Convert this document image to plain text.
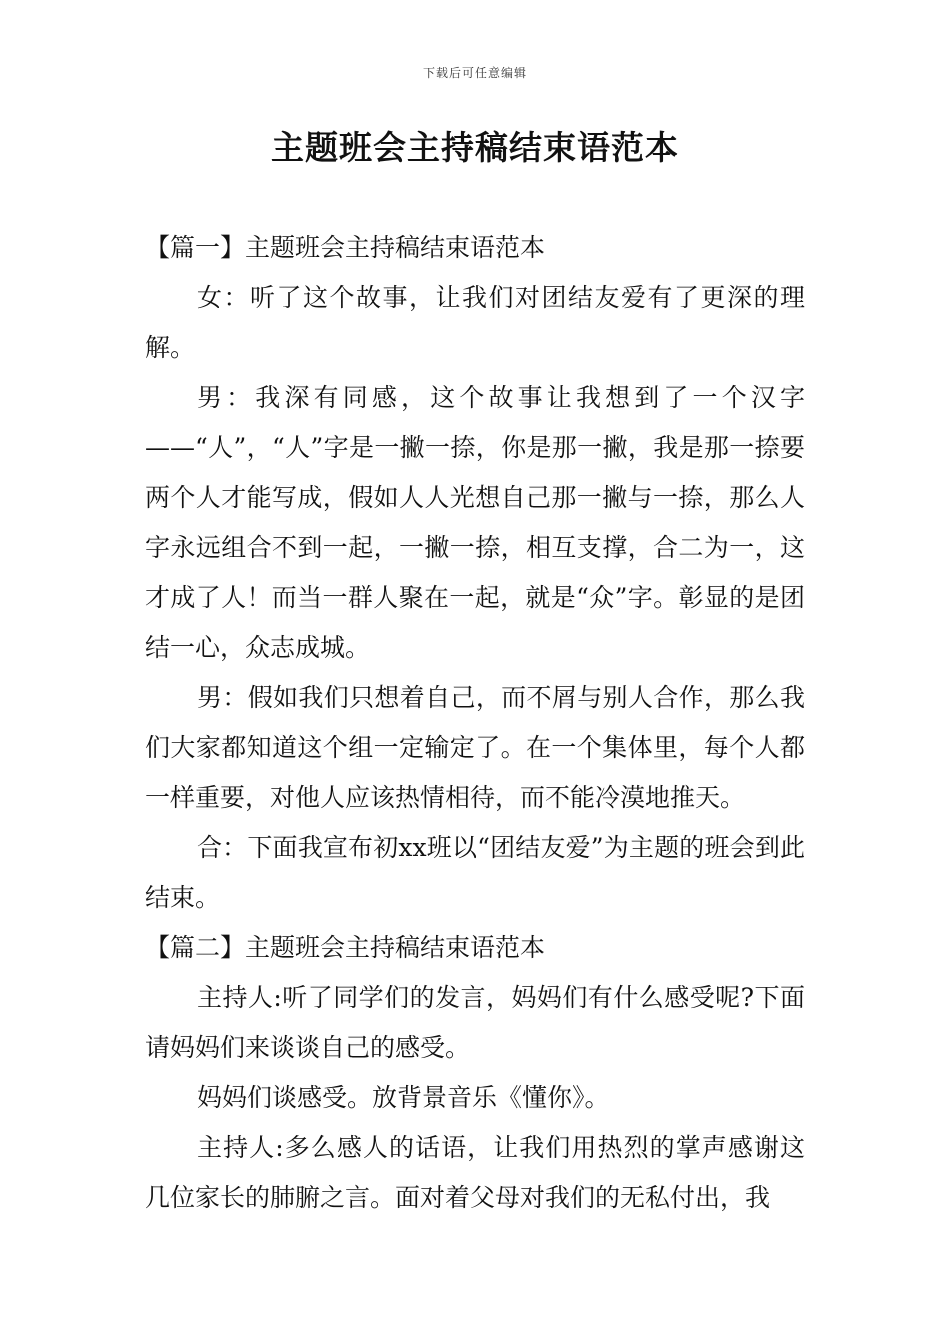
下载后可任意编辑
主题班会主持稿结束语范本

【篇一】主题班会主持稿结束语范本

女：听了这个故事，让我们对团结友爱有了更深的理解。

男：我深有同感，这个故事让我想到了一个汉字——“人”，“人”字是一撇一捺，你是那一撇，我是那一捺要两个人才能写成，假如人人光想自己那一撇与一捺，那么人字永远组合不到一起，一撇一捺，相互支撑，合二为一，这才成了人！而当一群人聚在一起，就是“众”字。彰显的是团结一心，众志成城。

男：假如我们只想着自己，而不屑与别人合作，那么我们大家都知道这个组一定输定了。在一个集体里，每个人都一样重要，对他人应该热情相待，而不能冷漠地推天。

合：下面我宣布初xx班以“团结友爱”为主题的班会到此结束。

【篇二】主题班会主持稿结束语范本

主持人:听了同学们的发言，妈妈们有什么感受呢?下面请妈妈们来谈谈自己的感受。

妈妈们谈感受。放背景音乐《懂你》。

主持人:多么感人的话语，让我们用热烈的掌声感谢这几位家长的肺腑之言。面对着父母对我们的无私付出，我
